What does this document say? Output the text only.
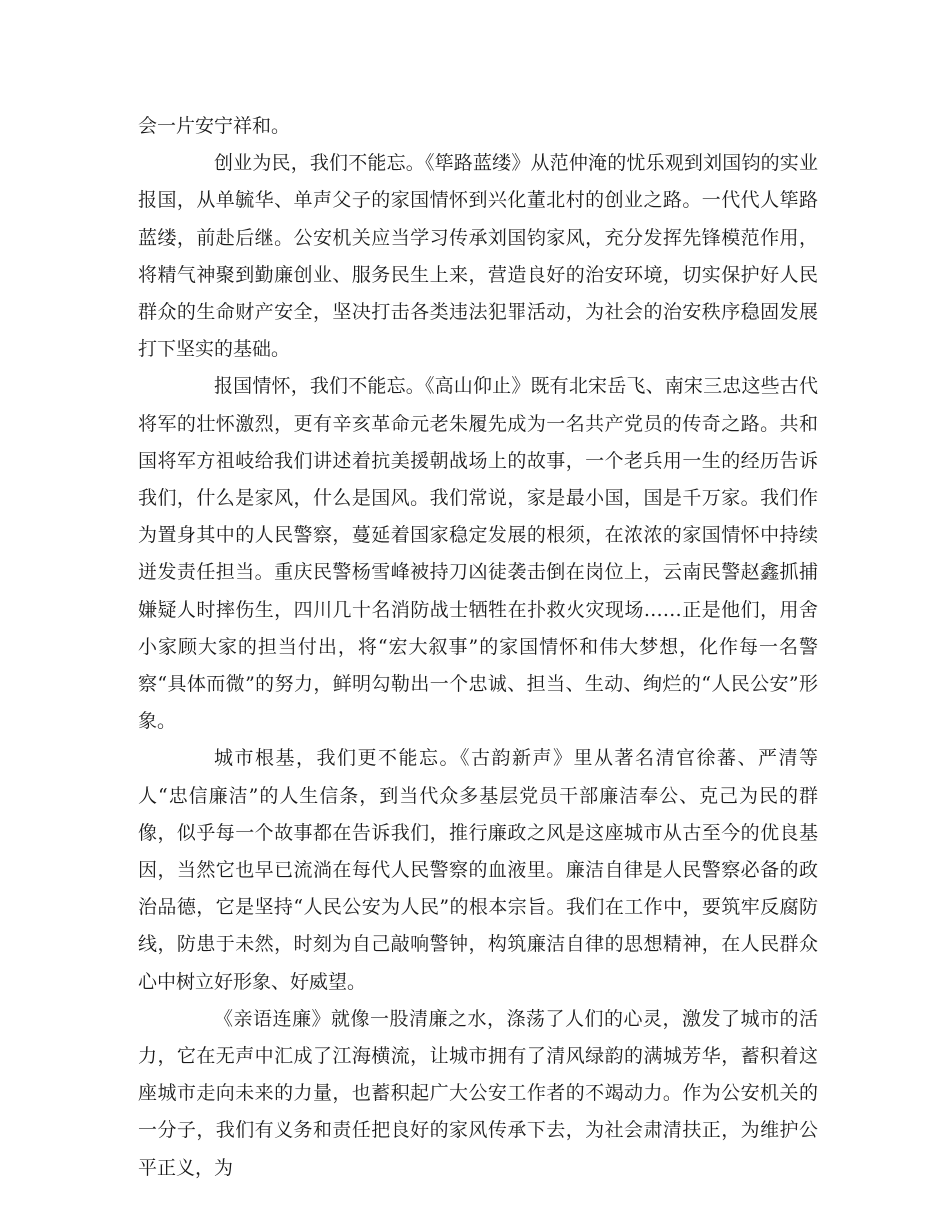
会一片安宁祥和。

创业为民，我们不能忘。《筚路蓝缕》从范仲淹的忧乐观到刘国钧的实业报国，从单毓华、单声父子的家国情怀到兴化董北村的创业之路。一代代人筚路蓝缕，前赴后继。公安机关应当学习传承刘国钧家风，充分发挥先锋模范作用，将精气神聚到勤廉创业、服务民生上来，营造良好的治安环境，切实保护好人民群众的生命财产安全，坚决打击各类违法犯罪活动，为社会的治安秩序稳固发展打下坚实的基础。

报国情怀，我们不能忘。《高山仰止》既有北宋岳飞、南宋三忠这些古代将军的壮怀激烈，更有辛亥革命元老朱履先成为一名共产党员的传奇之路。共和国将军方祖岐给我们讲述着抗美援朝战场上的故事，一个老兵用一生的经历告诉我们，什么是家风，什么是国风。我们常说，家是最小国，国是千万家。我们作为置身其中的人民警察，蔓延着国家稳定发展的根须，在浓浓的家国情怀中持续迸发责任担当。重庆民警杨雪峰被持刀凶徒袭击倒在岗位上，云南民警赵鑫抓捕嫌疑人时摔伤生，四川几十名消防战士牺牲在扑救火灾现场……正是他们，用舍小家顾大家的担当付出，将“宏大叙事”的家国情怀和伟大梦想，化作每一名警察“具体而微”的努力，鲜明勾勒出一个忠诚、担当、生动、绚烂的“人民公安”形象。

城市根基，我们更不能忘。《古韵新声》里从著名清官徐蕃、严清等人“忠信廉洁”的人生信条，到当代众多基层党员干部廉洁奉公、克己为民的群像，似乎每一个故事都在告诉我们，推行廉政之风是这座城市从古至今的优良基因，当然它也早已流淌在每代人民警察的血液里。廉洁自律是人民警察必备的政治品德，它是坚持“人民公安为人民”的根本宗旨。我们在工作中，要筑牢反腐防线，防患于未然，时刻为自己敲响警钟，构筑廉洁自律的思想精神，在人民群众心中树立好形象、好威望。

《亲语连廉》就像一股清廉之水，涤荡了人们的心灵，激发了城市的活力，它在无声中汇成了江海横流，让城市拥有了清风绿韵的满城芳华，蓄积着这座城市走向未来的力量，也蓄积起广大公安工作者的不竭动力。作为公安机关的一分子，我们有义务和责任把良好的家风传承下去，为社会肃清扶正，为维护公平正义，为
